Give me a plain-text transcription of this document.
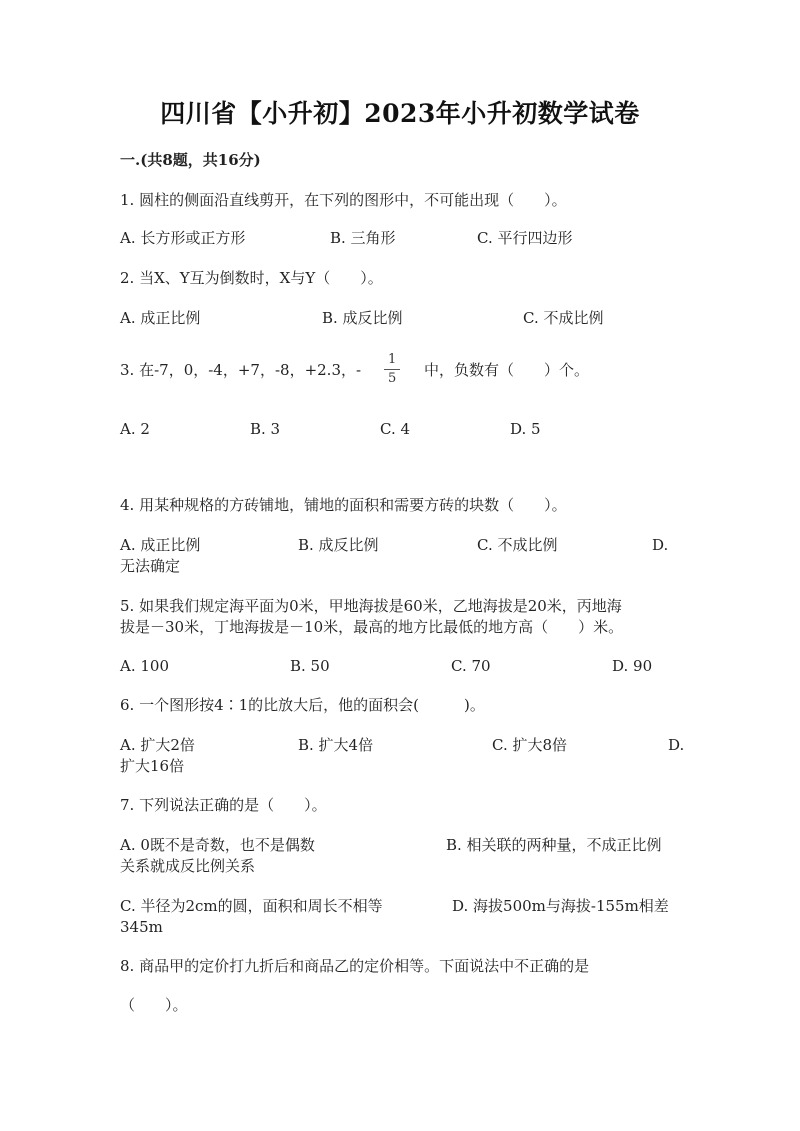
四川省【小升初】2023年小升初数学试卷
一.(共8题，共16分)
1. 圆柱的侧面沿直线剪开，在下列的图形中，不可能出现（　　）。
A. 长方形或正方形	B. 三角形	C. 平行四边形
2. 当X、Y互为倒数时，X与Y（　　）。
A. 成正比例	B. 成反比例	C. 不成比例
3. 在-7，0，-4，+7，-8，+2.3，-
1
5 中，负数有（　　）个。
A. 2	B. 3	C. 4	D. 5
4. 用某种规格的方砖铺地，铺地的面积和需要方砖的块数（　　）。
A. 成正比例	B. 成反比例	C. 不成比例	D.
无法确定
5. 如果我们规定海平面为0米，甲地海拔是60米，乙地海拔是20米，丙地海
拔是－30米，丁地海拔是－10米，最高的地方比最低的地方高（　　）米。
A. 100	B. 50	C. 70	D. 90
6. 一个图形按4∶1的比放大后，他的面积会(　　　)。
A. 扩大2倍	B. 扩大4倍	C. 扩大8倍	D.
扩大16倍
7. 下列说法正确的是（　　）。
A. 0既不是奇数，也不是偶数	B. 相关联的两种量，不成正比例
关系就成反比例关系
C. 半径为2cm的圆，面积和周长不相等	D. 海拔500m与海拔-155m相差
345m
8. 商品甲的定价打九折后和商品乙的定价相等。下面说法中不正确的是
（　　）。
